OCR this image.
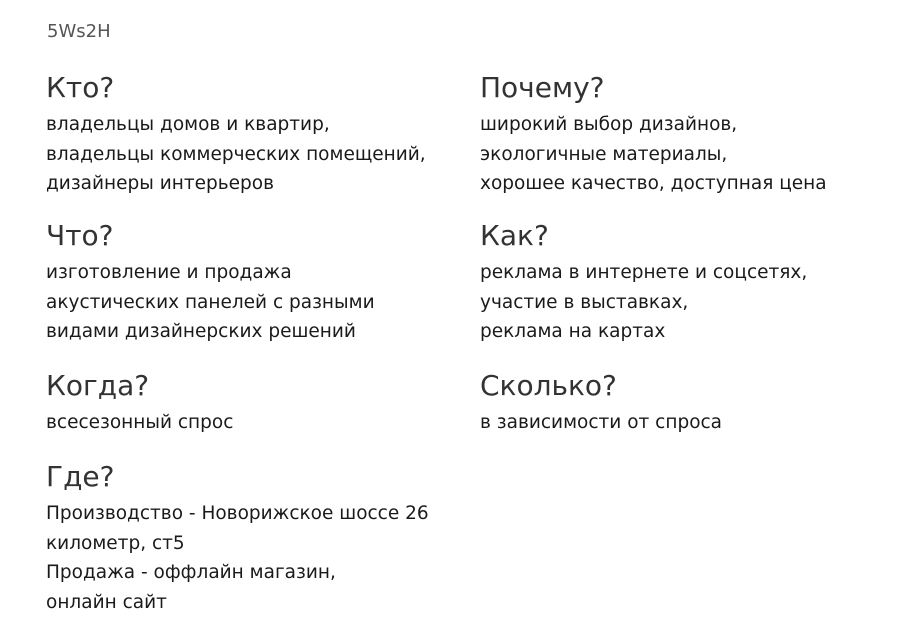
5Ws2H
Кто?
владельцы домов и квартир,
владельцы коммерческих помещений,
дизайнеры интерьеров
Что?
изготовление и продажа
акустических панелей с разными
видами дизайнерских решений
Когда?
всесезонный спрос
Где?
Производство - Новорижское шоссе 26
километр, ст5
Продажа - оффлайн магазин,
онлайн сайт
Почему?
широкий выбор дизайнов,
экологичные материалы,
хорошее качество, доступная цена
Как?
реклама в интернете и соцсетях,
участие в выставках,
реклама на картах
Сколько?
в зависимости от спроса
